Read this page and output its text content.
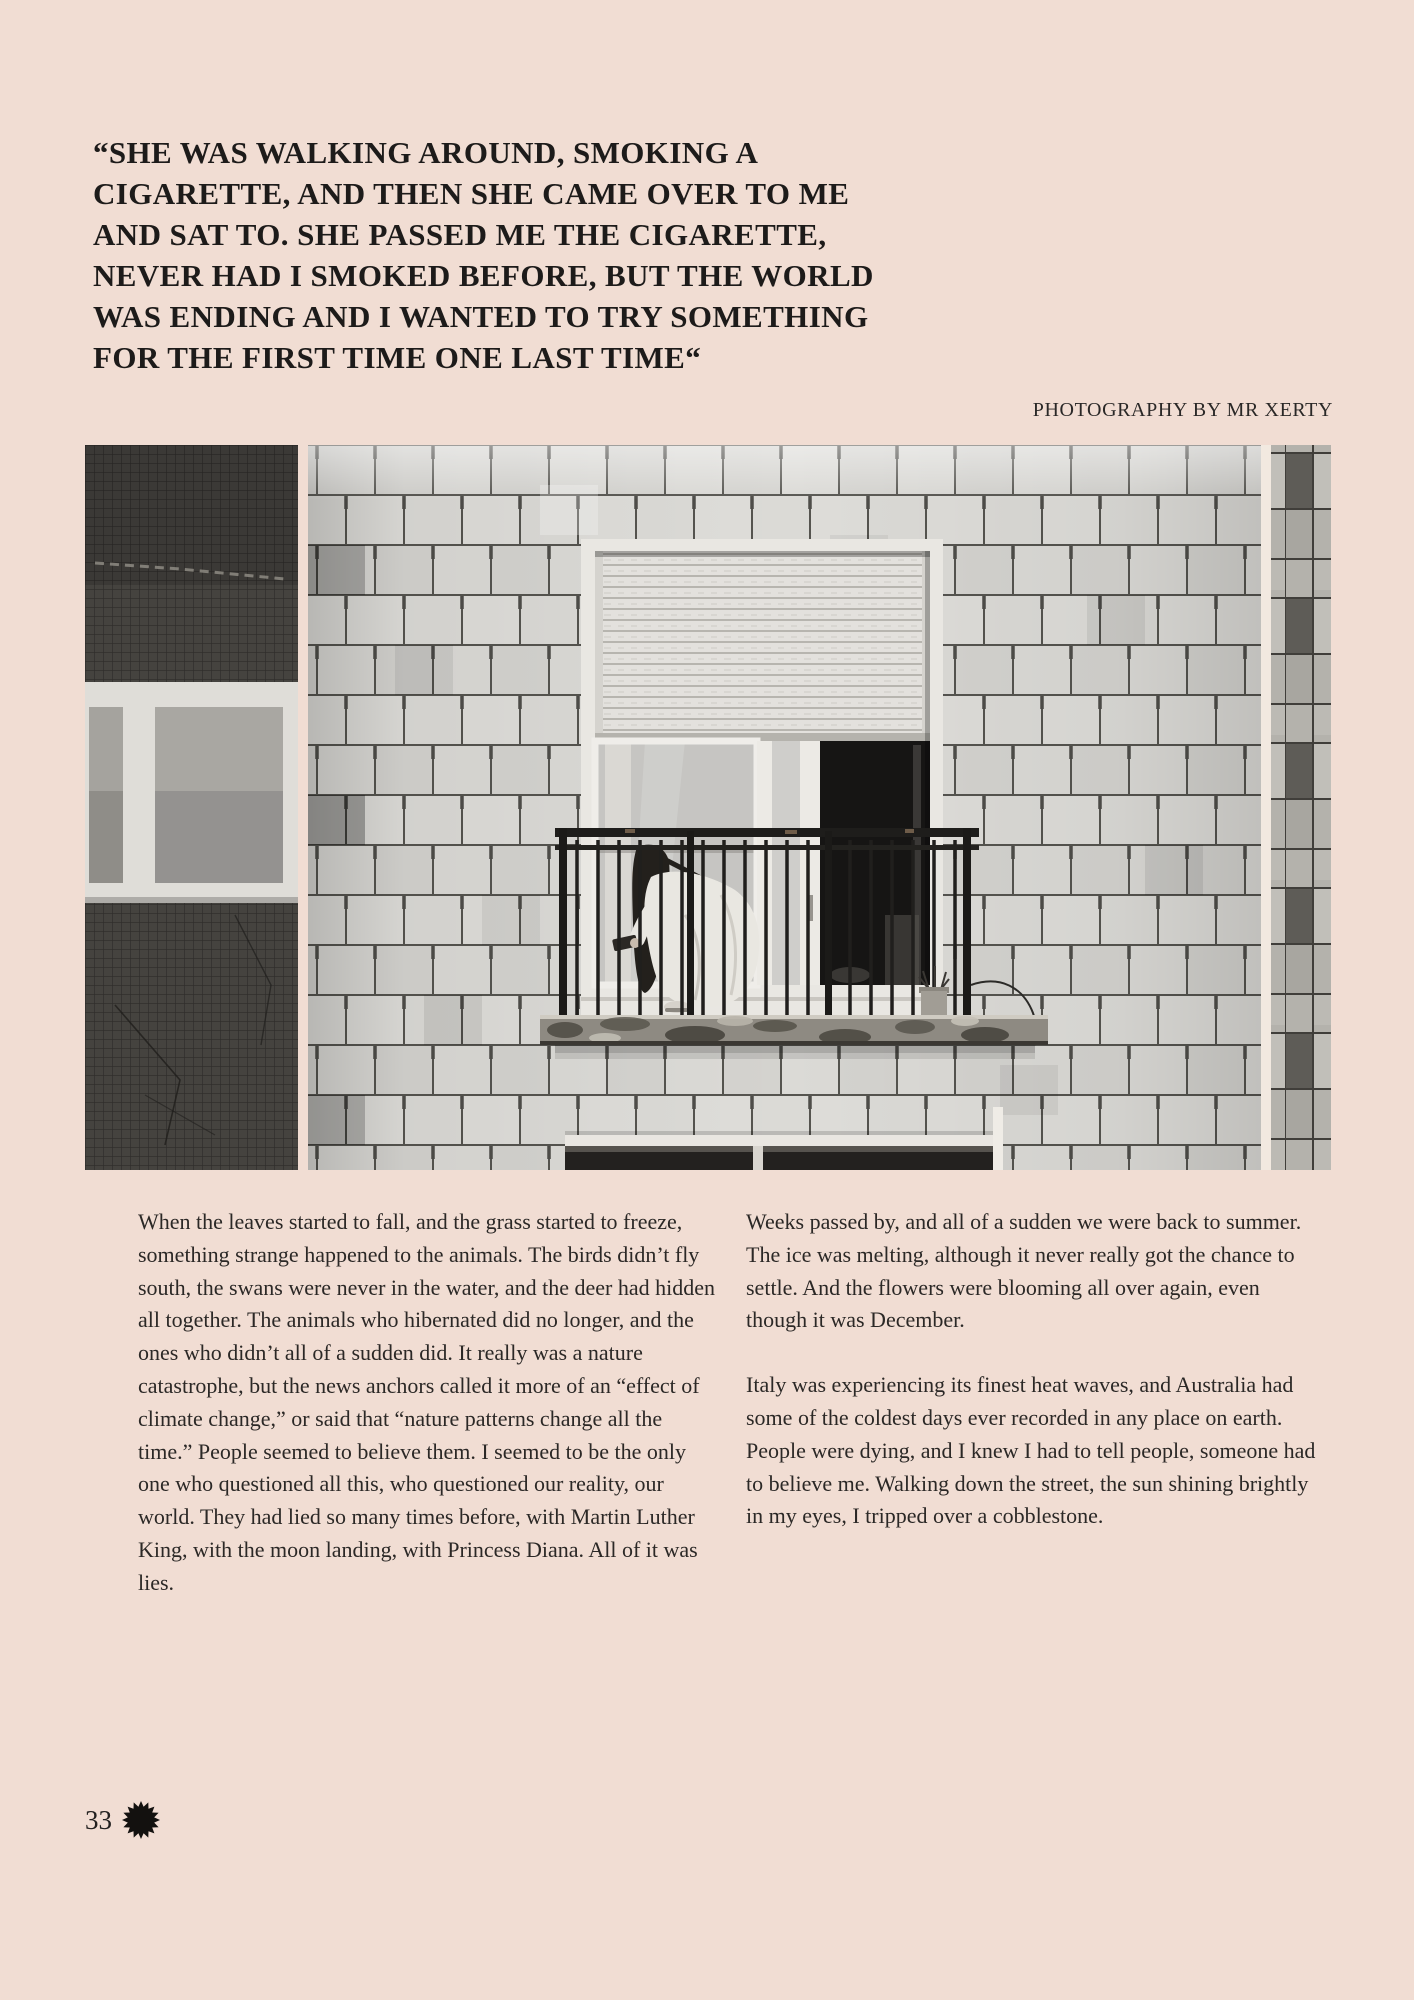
“SHE WAS WALKING AROUND, SMOKING A
CIGARETTE, AND THEN SHE CAME OVER TO ME
AND SAT TO. SHE PASSED ME THE CIGARETTE,
NEVER HAD I SMOKED BEFORE, BUT THE WORLD
WAS ENDING AND I WANTED TO TRY SOMETHING
FOR THE FIRST TIME ONE LAST TIME“
PHOTOGRAPHY BY MR XERTY

When the leaves started to fall, and the grass started to freeze, something strange happened to the animals. The birds didn’t fly south, the swans were never in the water, and the deer had hidden all together. The animals who hibernated did no longer, and the ones who didn’t all of a sudden did. It really was a nature catastrophe, but the news anchors called it more of an “effect of climate change,” or said that “nature patterns change all the time.” People seemed to believe them. I seemed to be the only one who questioned all this, who questioned our reality, our world. They had lied so many times before, with Martin Luther King, with the moon landing, with Princess Diana. All of it was lies.

Weeks passed by, and all of a sudden we were back to summer. The ice was melting, although it never really got the chance to settle. And the flowers were blooming all over again, even though it was December.

Italy was experiencing its finest heat waves, and Australia had some of the coldest days ever recorded in any place on earth. People were dying, and I knew I had to tell people, someone had to believe me. Walking down the street, the sun shining brightly in my eyes, I tripped over a cobblestone.

33
